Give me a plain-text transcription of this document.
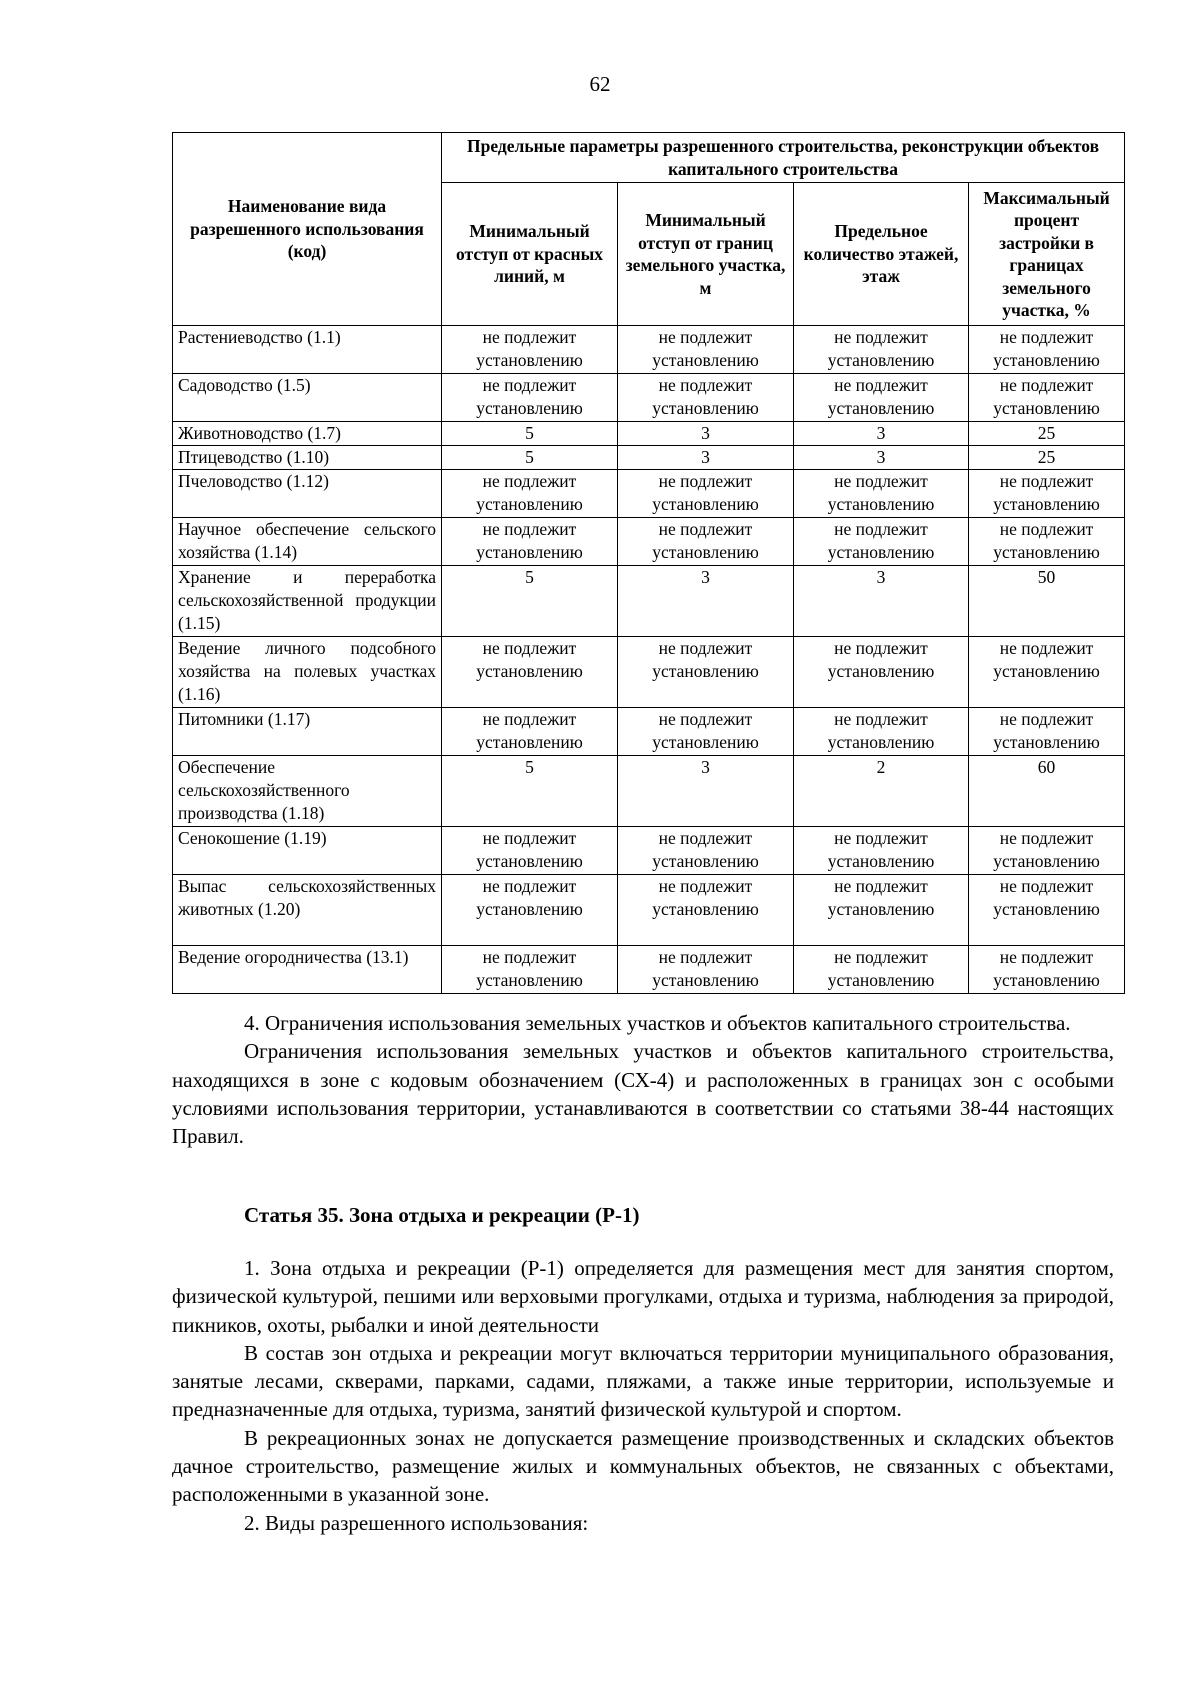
62
Наименование вида разрешенного использования (код)	Предельные параметры разрешенного строительства, реконструкции объектов капитального строительства			
	Минимальный отступ от красных линий, м	Минимальный отступ от границ земельного участка, м	Предельное количество этажей, этаж	Максимальный процент застройки в границах земельного участка, %
Растениеводство (1.1)	не подлежит установлению	не подлежит установлению	не подлежит установлению	не подлежит установлению
Садоводство (1.5)	не подлежит установлению	не подлежит установлению	не подлежит установлению	не подлежит установлению
Животноводство (1.7)	5	3	3	25
Птицеводство (1.10)	5	3	3	25
Пчеловодство (1.12)	не подлежит установлению	не подлежит установлению	не подлежит установлению	не подлежит установлению
Научное обеспечение сельского хозяйства (1.14)	не подлежит установлению	не подлежит установлению	не подлежит установлению	не подлежит установлению
Хранение и переработка сельскохозяйственной продукции (1.15)	5	3	3	50
Ведение личного подсобного хозяйства на полевых участках (1.16)	не подлежит установлению	не подлежит установлению	не подлежит установлению	не подлежит установлению
Питомники (1.17)	не подлежит установлению	не подлежит установлению	не подлежит установлению	не подлежит установлению
Обеспечение сельскохозяйственного производства (1.18)	5	3	2	60
Сенокошение (1.19)	не подлежит установлению	не подлежит установлению	не подлежит установлению	не подлежит установлению
Выпас сельскохозяйственных животных (1.20)	не подлежит установлению	не подлежит установлению	не подлежит установлению	не подлежит установлению
Ведение огородничества (13.1)	не подлежит установлению	не подлежит установлению	не подлежит установлению	не подлежит установлению

4. Ограничения использования земельных участков и объектов капитального строительства.

Ограничения использования земельных участков и объектов капитального строительства, находящихся в зоне с кодовым обозначением (СХ-4) и расположенных в границах зон с особыми условиями использования территории, устанавливаются в соответствии со статьями 38-44 настоящих Правил.

Статья 35. Зона отдыха и рекреации (Р-1)

1. Зона отдыха и рекреации (Р-1) определяется для размещения мест для занятия спортом, физической культурой, пешими или верховыми прогулками, отдыха и туризма, наблюдения за природой, пикников, охоты, рыбалки и иной деятельности

В состав зон отдыха и рекреации могут включаться территории муниципального образования, занятые лесами, скверами, парками, садами, пляжами, а также иные территории, используемые и предназначенные для отдыха, туризма, занятий физической культурой и спортом.

В рекреационных зонах не допускается размещение производственных и складских объектов дачное строительство, размещение жилых и коммунальных объектов, не связанных с объектами, расположенными в указанной зоне.

2. Виды разрешенного использования:
